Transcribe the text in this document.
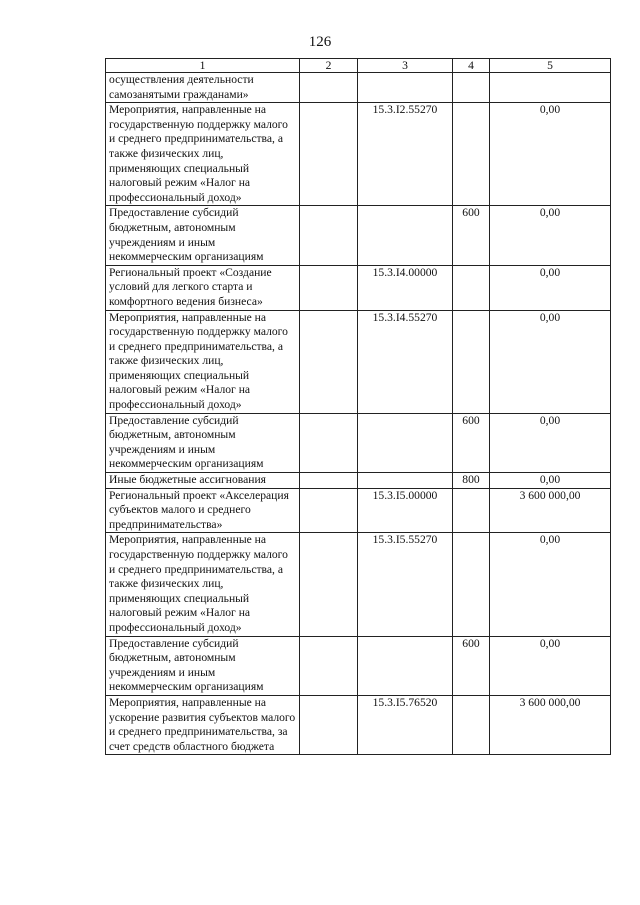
126
1	2	3	4	5
осуществления деятельности самозанятыми гражданами»				
Мероприятия, направленные на государственную поддержку малого и среднего предпринимательства, а также физических лиц, применяющих специальный налоговый режим «Налог на профессиональный доход»		15.3.I2.55270		0,00
Предоставление субсидий бюджетным, автономным учреждениям и иным некоммерческим организациям			600	0,00
Региональный проект «Создание условий для легкого старта и комфортного ведения бизнеса»		15.3.I4.00000		0,00
Мероприятия, направленные на государственную поддержку малого и среднего предпринимательства, а также физических лиц, применяющих специальный налоговый режим «Налог на профессиональный доход»		15.3.I4.55270		0,00
Предоставление субсидий бюджетным, автономным учреждениям и иным некоммерческим организациям			600	0,00
Иные бюджетные ассигнования			800	0,00
Региональный проект «Акселерация субъектов малого и среднего предпринимательства»		15.3.I5.00000		3 600 000,00
Мероприятия, направленные на государственную поддержку малого и среднего предпринимательства, а также физических лиц, применяющих специальный налоговый режим «Налог на профессиональный доход»		15.3.I5.55270		0,00
Предоставление субсидий бюджетным, автономным учреждениям и иным некоммерческим организациям			600	0,00
Мероприятия, направленные на ускорение развития субъектов малого и среднего предпринимательства, за счет средств областного бюджета		15.3.I5.76520		3 600 000,00
